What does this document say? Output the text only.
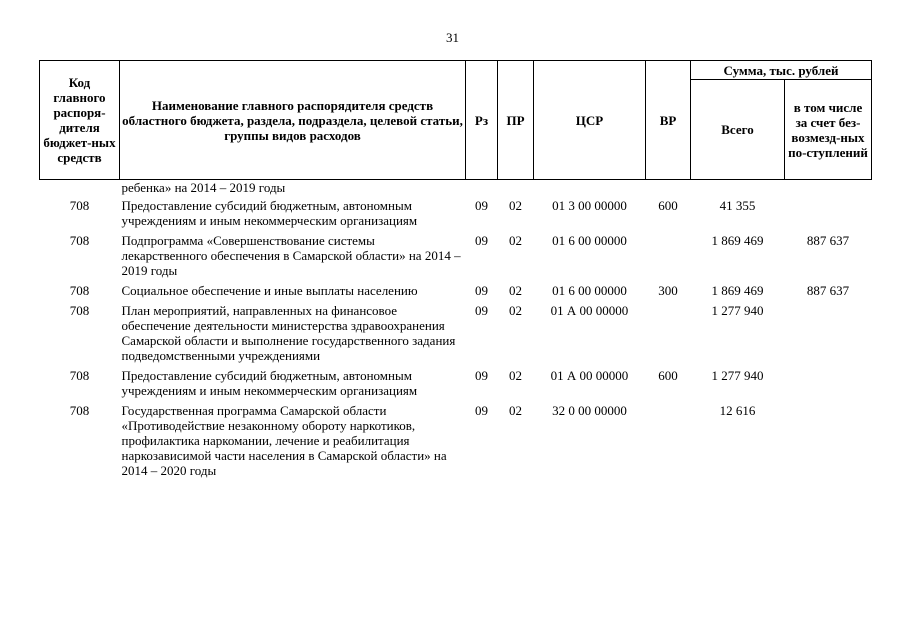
31
Код главного распоря-дителя бюджет-ных средств	Наименование главного распорядителя средств областного бюджета, раздела, подраздела, целевой статьи, группы видов расходов	Рз	ПР	ЦСР	ВР	Сумма, тыс. рублей	
						Всего	в том числе за счет без-возмезд-ных по-ступлений
	ребенка» на 2014 – 2019 годы						
708	Предоставление субсидий бюджетным, автономным учреждениям и иным некоммерческим организациям	09	02	01 3 00 00000	600	41 355	
708	Подпрограмма «Совершенствование системы лекарственного обеспечения в Самарской области» на 2014 – 2019 годы	09	02	01 6 00 00000		1 869 469	887 637
708	Социальное обеспечение и иные выплаты населению	09	02	01 6 00 00000	300	1 869 469	887 637
708	План мероприятий, направленных на финансовое обеспечение деятельности министерства здравоохранения Самарской области и выполнение государственного задания подведомственными учреждениями	09	02	01 А 00 00000		1 277 940	
708	Предоставление субсидий бюджетным, автономным учреждениям и иным некоммерческим организациям	09	02	01 А 00 00000	600	1 277 940	
708	Государственная программа Самарской области «Противодействие незаконному обороту наркотиков, профилактика наркомании, лечение и реабилитация наркозависимой части населения в Самарской области» на 2014 – 2020 годы	09	02	32 0 00 00000		12 616	
